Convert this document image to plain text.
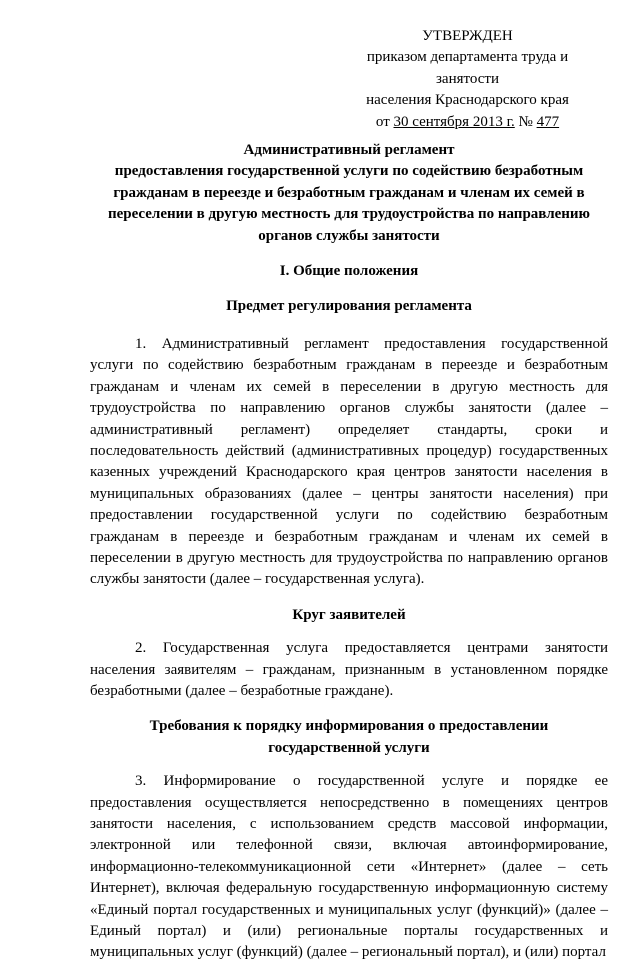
УТВЕРЖДЕН
приказом департамента труда и занятости
населения Краснодарского края
от 30 сентября 2013 г. № 477
Административный регламент
предоставления государственной услуги по содействию безработным
гражданам в переезде и безработным гражданам и членам их семей в
переселении в другую местность для трудоустройства по направлению
органов службы занятости
I. Общие положения
Предмет регулирования регламента
1. Административный регламент предоставления государственной услуги по содействию безработным гражданам в переезде и безработным гражданам и членам их семей в переселении в другую местность для трудоустройства по направлению органов службы занятости (далее – административный регламент) определяет стандарты, сроки и последовательность действий (административных процедур) государственных казенных учреждений Краснодарского края центров занятости населения в муниципальных образованиях (далее – центры занятости населения) при предоставлении государственной услуги по содействию безработным гражданам в переезде и безработным гражданам и членам их семей в переселении в другую местность для трудоустройства по направлению органов службы занятости (далее – государственная услуга).
Круг заявителей
2. Государственная услуга предоставляется центрами занятости населения заявителям – гражданам, признанным в установленном порядке безработными (далее – безработные граждане).
Требования к порядку информирования о предоставлении
государственной услуги
3. Информирование о государственной услуге и порядке ее предоставления осуществляется непосредственно в помещениях центров занятости населения, с использованием средств массовой информации, электронной или телефонной связи, включая автоинформирование, информационно-телекоммуникационной сети «Интернет» (далее – сеть Интернет), включая федеральную государственную информационную систему «Единый портал государственных и муниципальных услуг (функций)» (далее – Единый портал) и (или) региональные порталы государственных и муниципальных услуг (функций) (далее – региональный портал), и (или) портал
